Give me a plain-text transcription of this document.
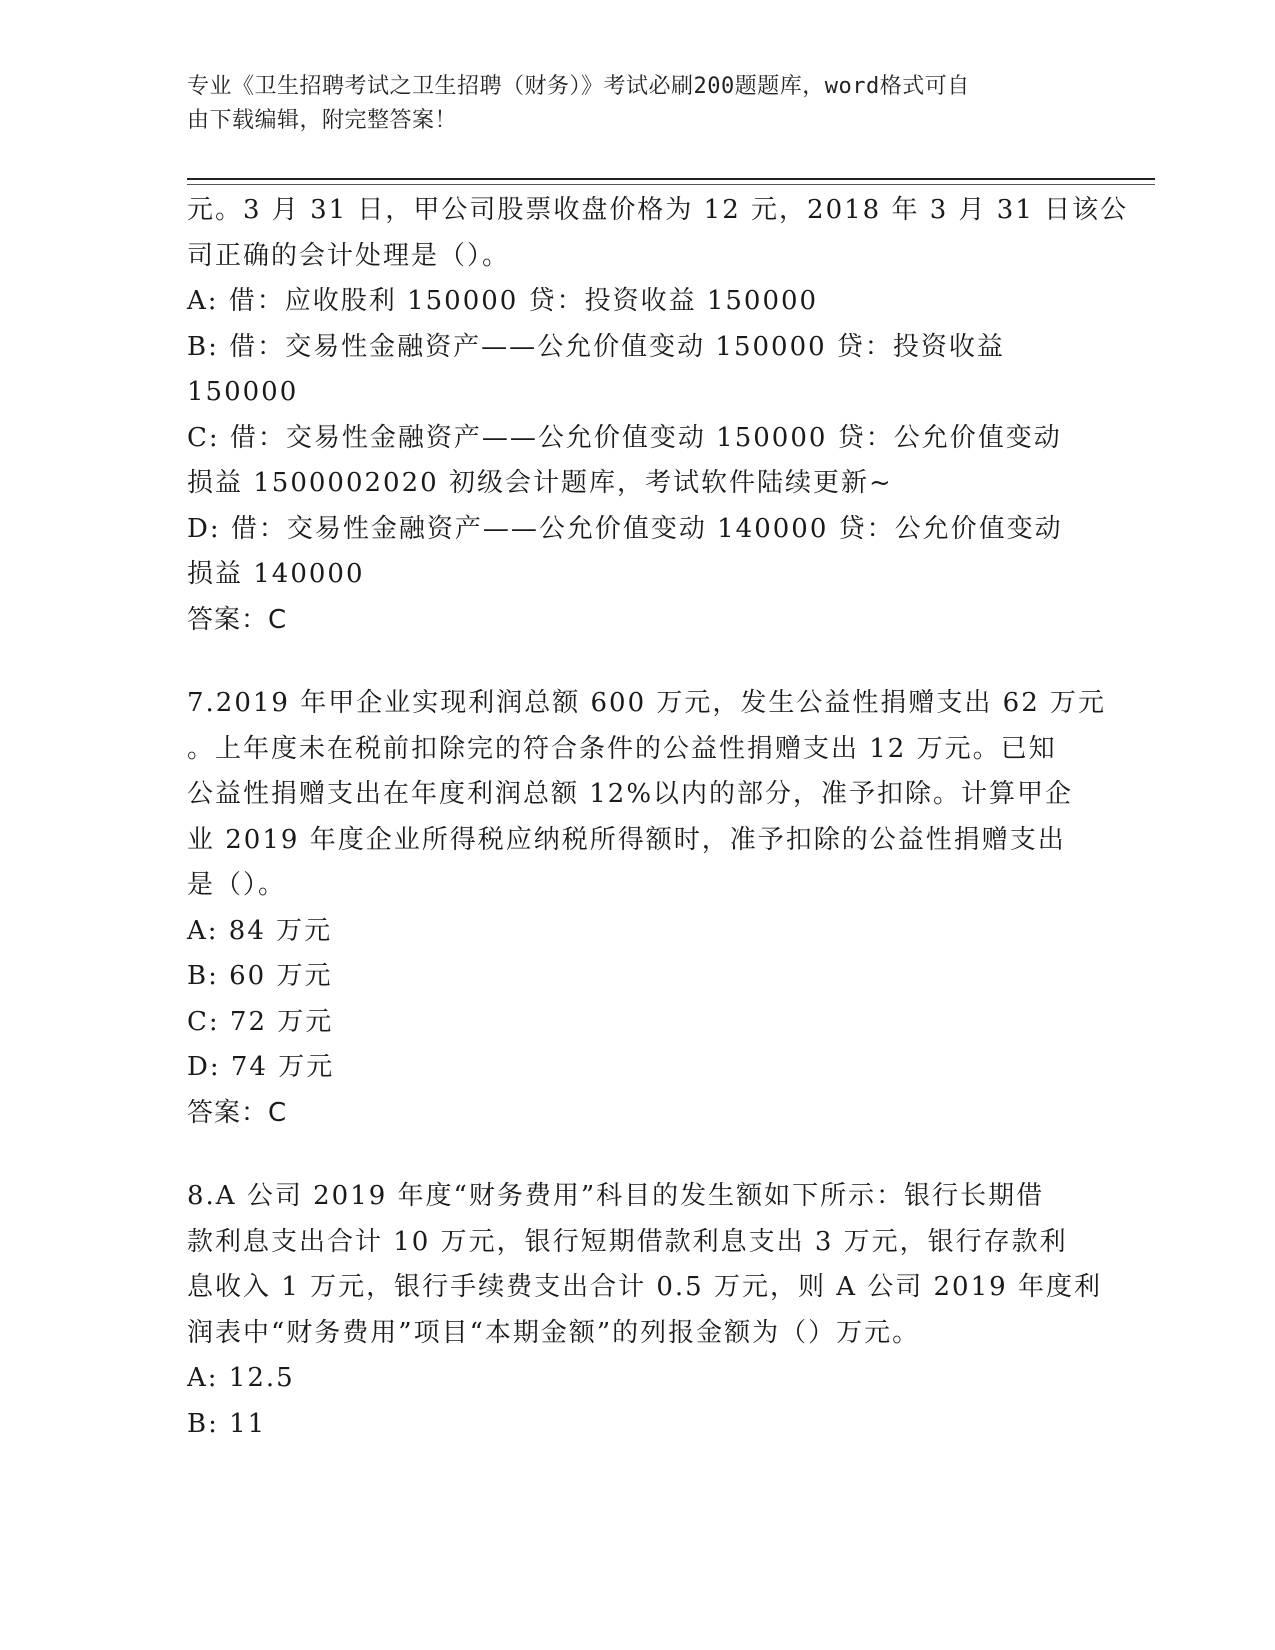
专业《卫生招聘考试之卫生招聘（财务）》考试必刷200题题库，word格式可自
由下载编辑，附完整答案！
元。3 月 31 日，甲公司股票收盘价格为 12 元，2018 年 3 月 31 日该公
司正确的会计处理是（）。
A: 借：应收股利 150000 贷：投资收益 150000
B: 借：交易性金融资产——公允价值变动 150000 贷：投资收益
150000
C: 借：交易性金融资产——公允价值变动 150000 贷：公允价值变动
损益 1500002020 初级会计题库，考试软件陆续更新~
D: 借：交易性金融资产——公允价值变动 140000 贷：公允价值变动
损益 140000
答案：C
7.2019 年甲企业实现利润总额 600 万元，发生公益性捐赠支出 62 万元
。上年度未在税前扣除完的符合条件的公益性捐赠支出 12 万元。已知
公益性捐赠支出在年度利润总额 12%以内的部分，准予扣除。计算甲企
业 2019 年度企业所得税应纳税所得额时，准予扣除的公益性捐赠支出
是（）。
A: 84 万元
B: 60 万元
C: 72 万元
D: 74 万元
答案：C
8.A 公司 2019 年度“财务费用”科目的发生额如下所示：银行长期借
款利息支出合计 10 万元，银行短期借款利息支出 3 万元，银行存款利
息收入 1 万元，银行手续费支出合计 0.5 万元，则 A 公司 2019 年度利
润表中“财务费用”项目“本期金额”的列报金额为（）万元。
A: 12.5
B: 11
